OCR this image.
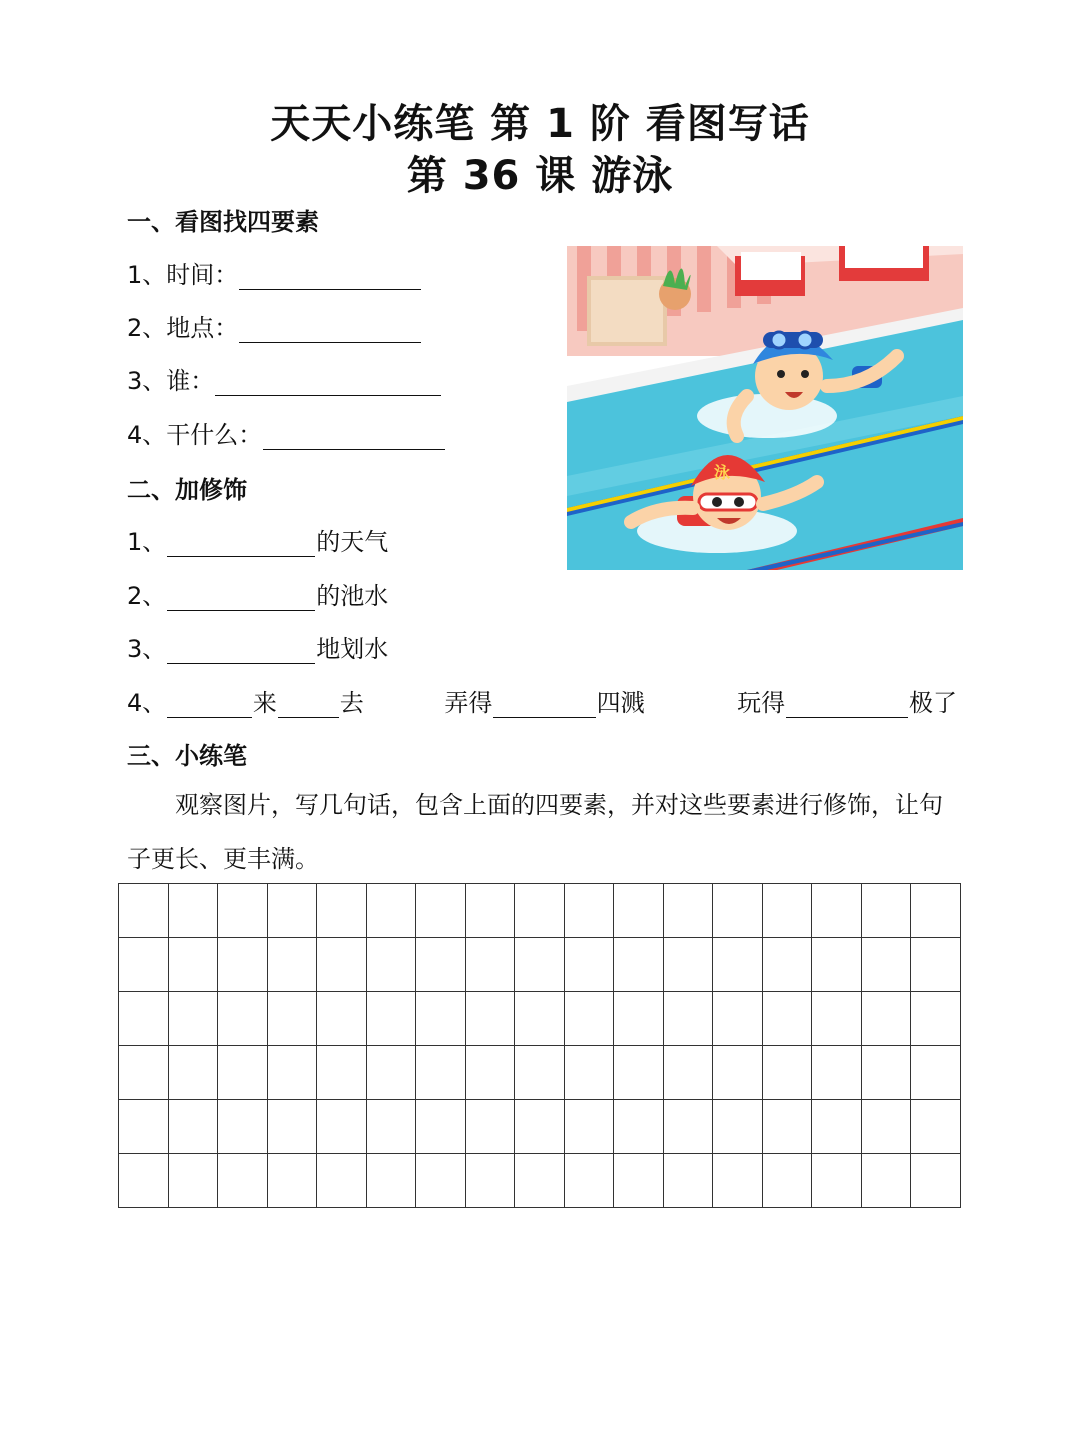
天天小练笔 第 1 阶 看图写话
第 36 课 游泳
一、看图找四要素
1、时间：
2、地点：
3、谁：
4、干什么：
二、加修饰
1、	的天气
2、	的池水
3、	地划水
4、	来	去	弄得	四溅	玩得	极了
三、小练笔
观察图片，写几句话，包含上面的四要素，并对这些要素进行修饰，让句子更长、更丰满。
泳
